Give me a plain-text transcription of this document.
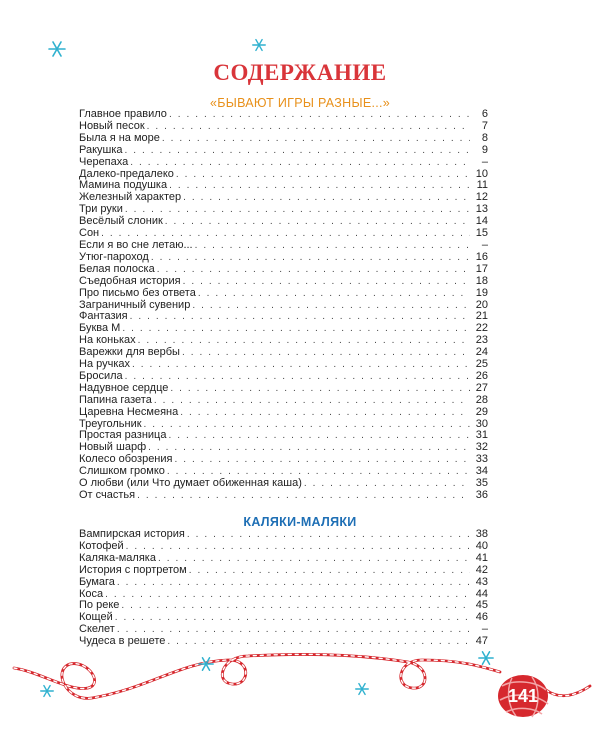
СОДЕРЖАНИЕ
«БЫВАЮТ ИГРЫ РАЗНЫЕ...»
Главное правило . . .	6
Новый песок . . .	7
Была я на море . . .	8
Ракушка . . .	9
Черепаха . . .	–
Далеко-предалеко . . .	10
Мамина подушка . . .	11
Железный характер . . .	12
Три руки . . .	13
Весёлый слоник . . .	14
Сон . . .	15
Если я во сне летаю... . . .	–
Утюг-пароход . . .	16
Белая полоска . . .	17
Съедобная история . . .	18
Про письмо без ответа . . .	19
Заграничный сувенир . . .	20
Фантазия . . .	21
Буква М . . .	22
На коньках . . .	23
Варежки для вербы . . .	24
На ручках . . .	25
Бросила . . .	26
Надувное сердце . . .	27
Папина газета . . .	28
Царевна Несмеяна . . .	29
Треугольник . . .	30
Простая разница . . .	31
Новый шарф . . .	32
Колесо обозрения . . .	33
Слишком громко . . .	34
О любви (или Что думает обиженная каша) . . .	35
От счастья . . .	36
КАЛЯКИ-МАЛЯКИ
Вампирская история . . .	38
Котофей . . .	40
Каляка-маляка . . .	41
История с портретом . . .	42
Бумага . . .	43
Коса . . .	44
По реке . . .	45
Кощей . . .	46
Скелет . . .	–
Чудеса в решете . . .	47
141
